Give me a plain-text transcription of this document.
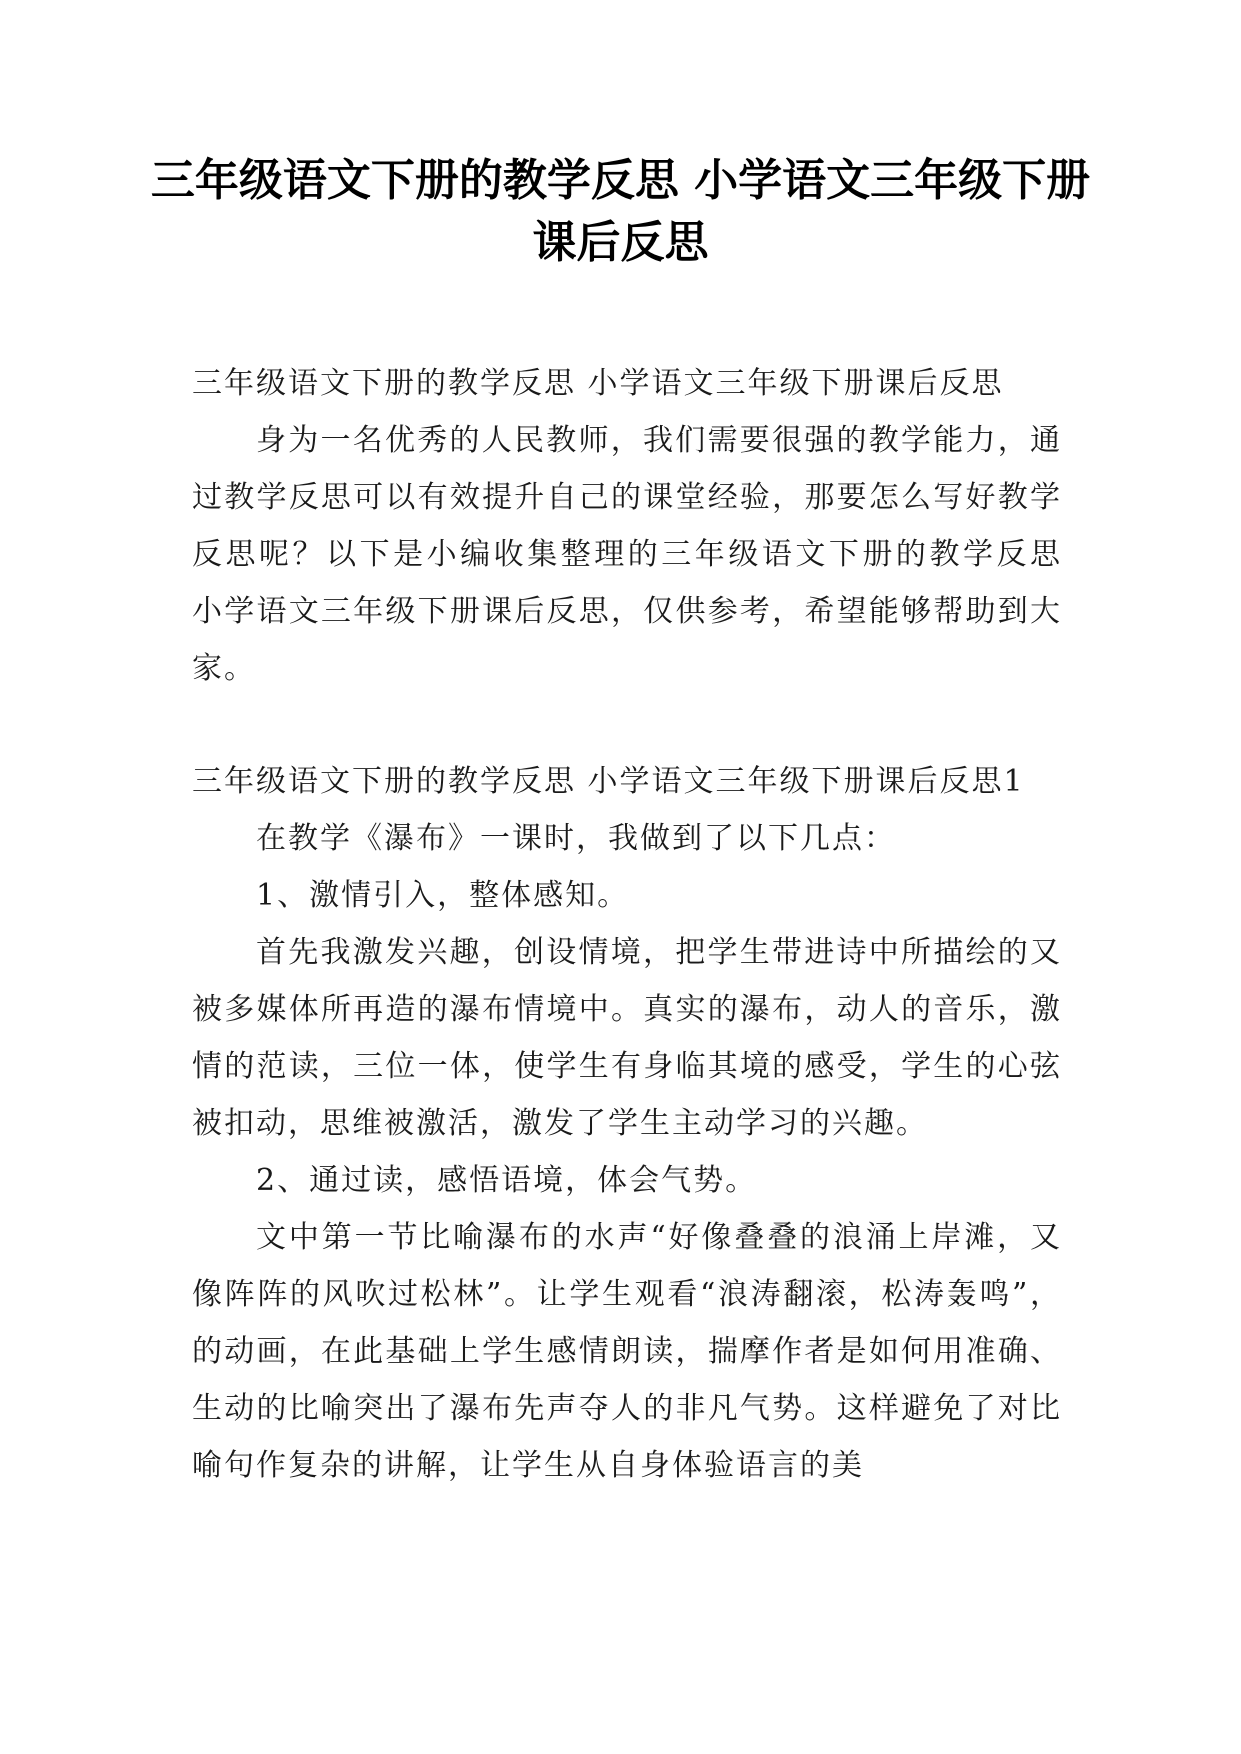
三年级语文下册的教学反思 小学语文三年级下册课后反思

三年级语文下册的教学反思 小学语文三年级下册课后反思

身为一名优秀的人民教师，我们需要很强的教学能力，通过教学反思可以有效提升自己的课堂经验，那要怎么写好教学反思呢？以下是小编收集整理的三年级语文下册的教学反思 小学语文三年级下册课后反思，仅供参考，希望能够帮助到大家。

三年级语文下册的教学反思 小学语文三年级下册课后反思1

在教学《瀑布》一课时，我做到了以下几点：

1、激情引入，整体感知。

首先我激发兴趣，创设情境，把学生带进诗中所描绘的又被多媒体所再造的瀑布情境中。真实的瀑布，动人的音乐，激情的范读，三位一体，使学生有身临其境的感受，学生的心弦被扣动，思维被激活，激发了学生主动学习的兴趣。

2、通过读，感悟语境，体会气势。

文中第一节比喻瀑布的水声“好像叠叠的浪涌上岸滩，又像阵阵的风吹过松林”。让学生观看“浪涛翻滚，松涛轰鸣”，的动画，在此基础上学生感情朗读，揣摩作者是如何用准确、生动的比喻突出了瀑布先声夺人的非凡气势。这样避免了对比喻句作复杂的讲解，让学生从自身体验语言的美
